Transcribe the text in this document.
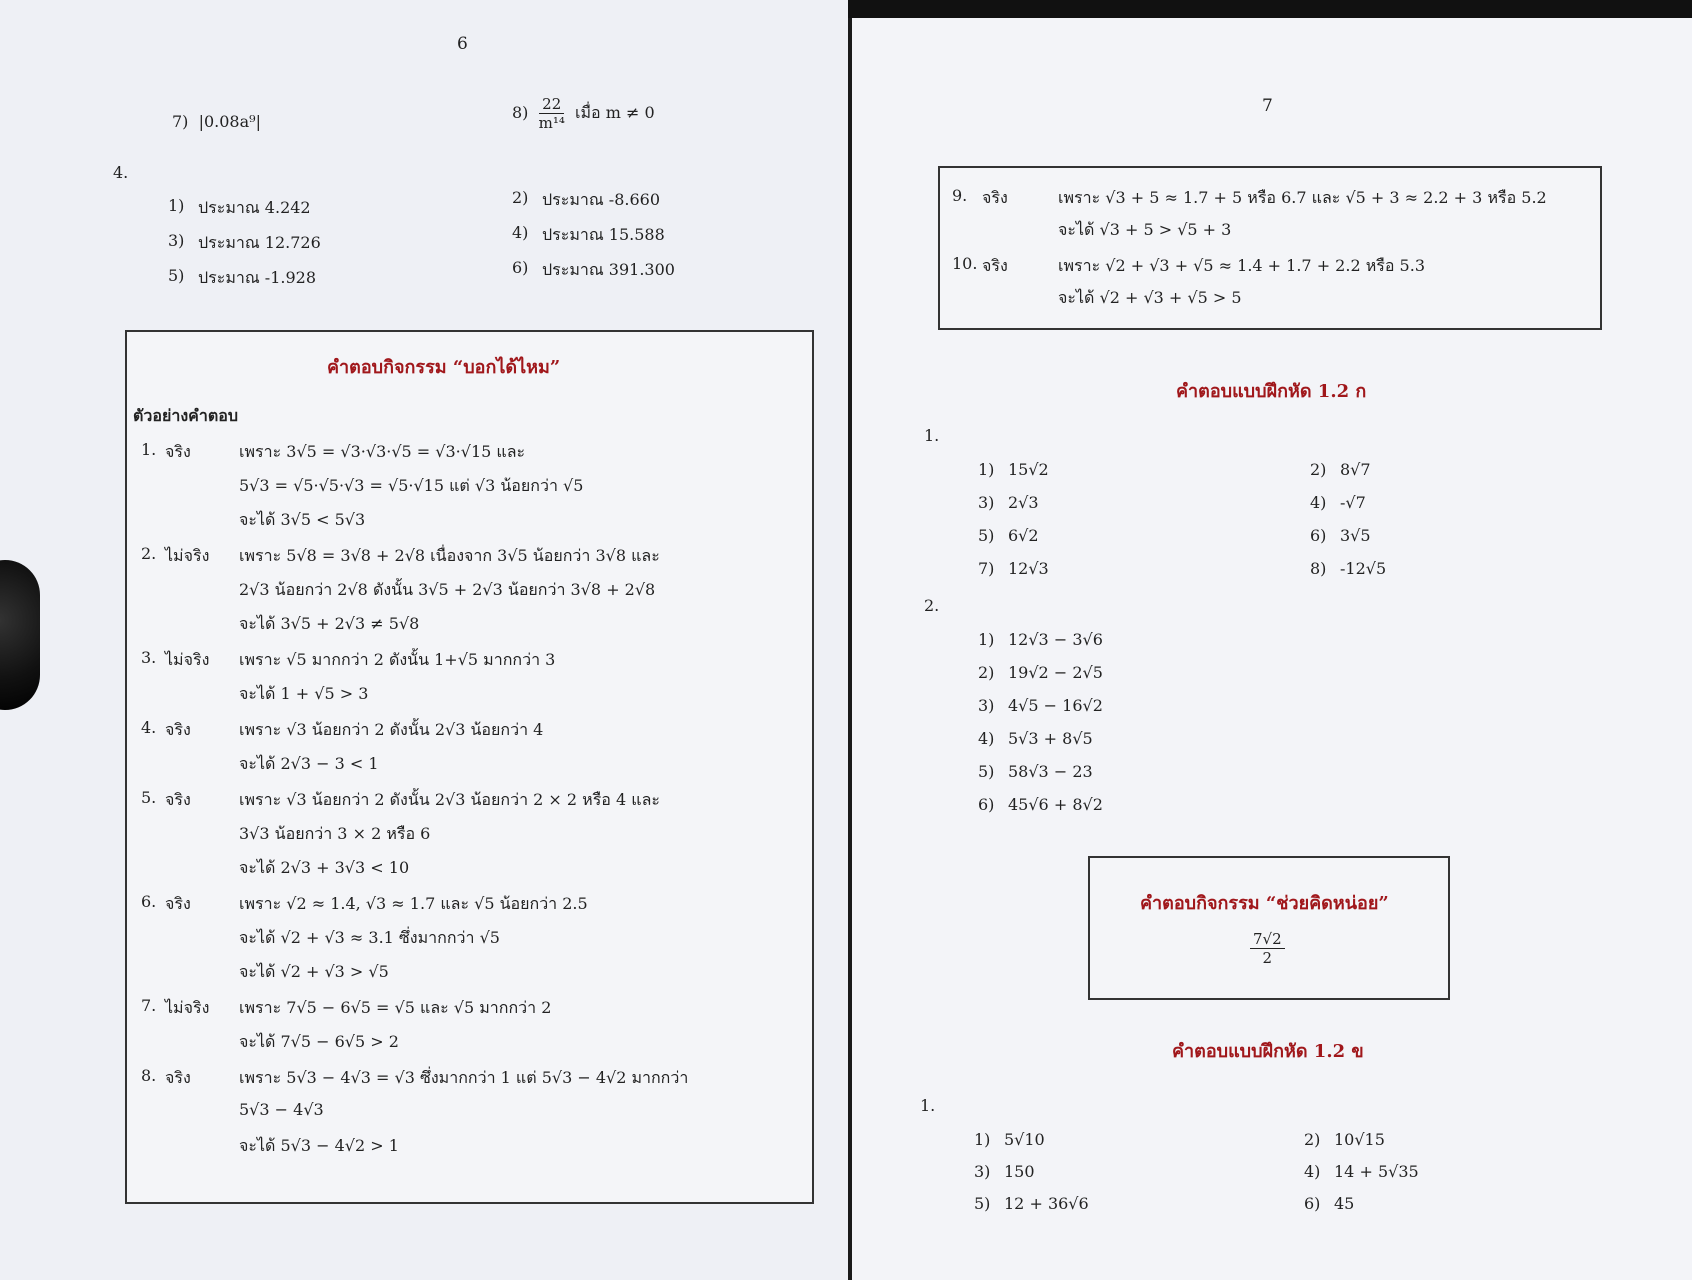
6
7) |0.08a⁹|	$8) \frac{22}{\text{m¹⁴}}$ เมื่อ m ≠ 0
4.
คำตอบกิจกรรม “บอกได้ไหม”
ตัวอย่างคำตอบ
1. จริง	เพราะ 3√5 = √3·√3·√5 = √3·√15 และ
5√3 = √5·√5·√3 = √5·√15 แต่ √3 น้อยกว่า √5
จะได้ 3√5 < 5√3
2. ไม่จริง เพราะ 5√8 = 3√8 + 2√8 เนื่องจาก 3√5 น้อยกว่า 3√8 และ
2√3 น้อยกว่า 2√8 ดังนั้น 3√5 + 2√3 น้อยกว่า 3√8 + 2√8
จะได้ 3√5 + 2√3 ≠ 5√8
3. ไม่จริง เพราะ √5 มากกว่า 2 ดังนั้น 1+√5 มากกว่า 3
จะได้ 1 + √5 > 3
4. จริง	เพราะ √3 น้อยกว่า 2 ดังนั้น 2√3 น้อยกว่า 4
จะได้ 2√3 − 3 < 1
5. จริง	เพราะ √3 น้อยกว่า 2 ดังนั้น 2√3 น้อยกว่า 2 × 2 หรือ 4 และ
3√3 น้อยกว่า 3 × 2 หรือ 6
จะได้ 2√3 + 3√3 < 10
6. จริง	เพราะ √2 ≈ 1.4, √3 ≈ 1.7 และ √5 น้อยกว่า 2.5
จะได้ √2 + √3 ≈ 3.1 ซึ่งมากกว่า √5
จะได้ √2 + √3 > √5
7. ไม่จริง เพราะ 7√5 − 6√5 = √5 และ √5 มากกว่า 2
จะได้ 7√5 − 6√5 > 2
8. จริง	เพราะ 5√3 − 4√3 = √3 ซึ่งมากกว่า 1 แต่ 5√3 − 4√2 มากกว่า
5√3 − 4√3
จะได้ 5√3 − 4√2 > 1
1) ประมาณ 4.242
2) ประมาณ -8.660
3) ประมาณ 12.726
4) ประมาณ 15.588
5) ประมาณ -1.928
6) ประมาณ 391.300
7
9. จริง	เพราะ √3 + 5 ≈ 1.7 + 5 หรือ 6.7 และ √5 + 3 ≈ 2.2 + 3 หรือ 5.2
จะได้ √3 + 5 > √5 + 3
10. จริง	เพราะ √2 + √3 + √5 ≈ 1.4 + 1.7 + 2.2 หรือ 5.3
จะได้ √2 + √3 + √5 > 5
คำตอบแบบฝึกหัด 1.2 ก
1.
2.
คำตอบกิจกรรม “ช่วยคิดหน่อย”
$\frac{7√2}{2}$
คำตอบแบบฝึกหัด 1.2 ข
1.
1) 15√2	2) 8√7
3) 2√3	4) -√7
5) 6√2	6) 3√5
7) 12√3	8) -12√5
1) 12√3 − 3√6
2) 19√2 − 2√5
3) 4√5 − 16√2
4) 5√3 + 8√5
5) 58√3 − 23
6) 45√6 + 8√2
1) 5√10	2) 10√15
3) 150	4) 14 + 5√35
5) 12 + 36√6	6) 45
